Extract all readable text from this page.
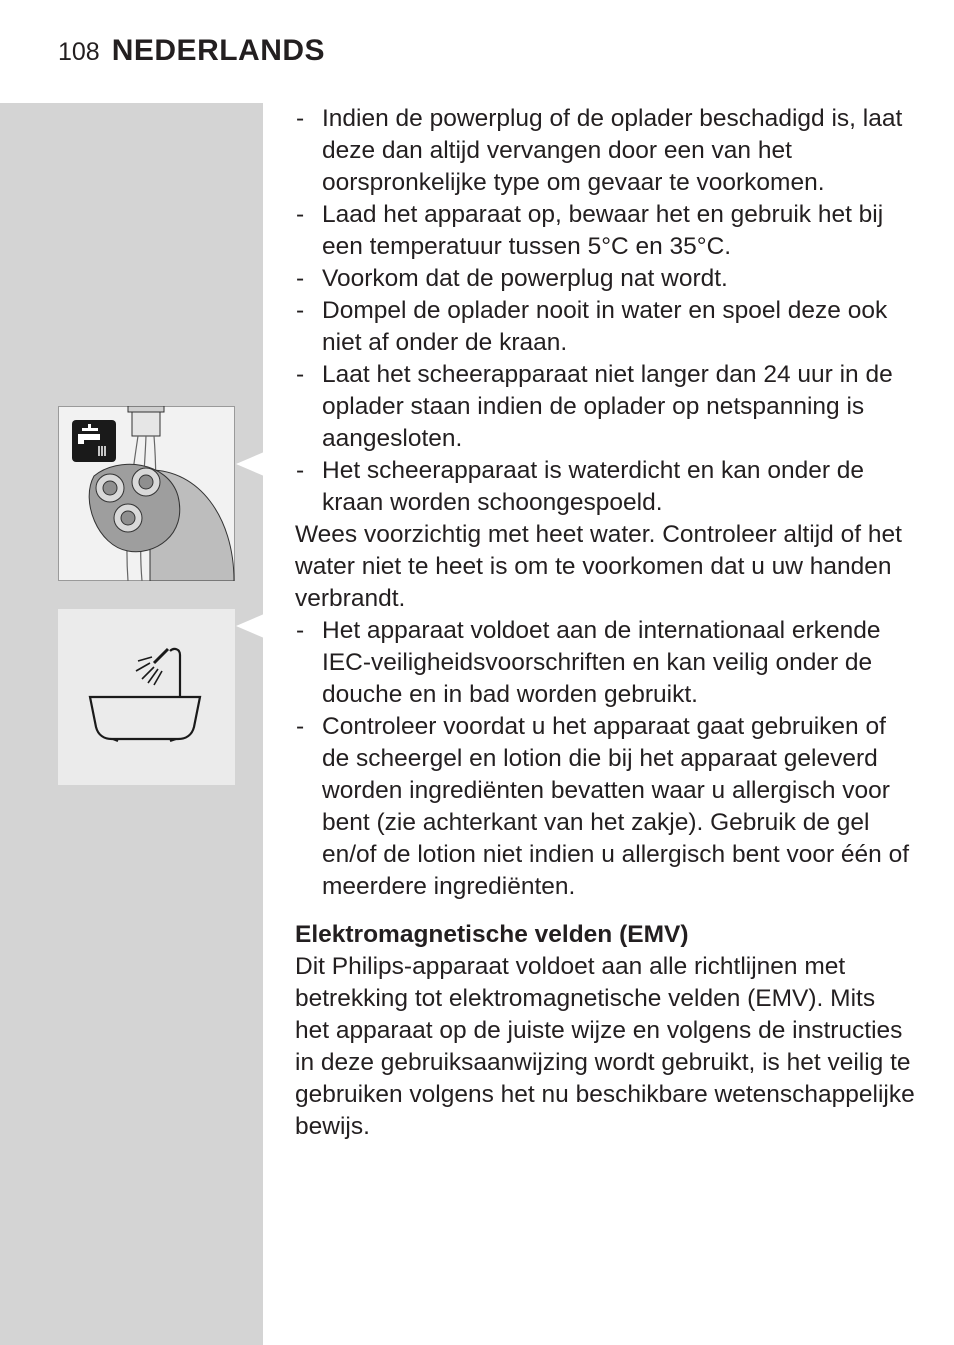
108 NEDERLANDS
- Indien de powerplug of de oplader beschadigd is, laat deze dan altijd vervangen door een van het oorspronkelijke type om gevaar te voorkomen.
- Laad het apparaat op, bewaar het en gebruik het bij een temperatuur tussen 5°C en 35°C.
- Voorkom dat de powerplug nat wordt.
- Dompel de oplader nooit in water en spoel deze ook niet af onder de kraan.
- Laat het scheerapparaat niet langer dan 24 uur in de oplader staan indien de oplader op netspanning is aangesloten.
- Het scheerapparaat is waterdicht en kan onder de kraan worden schoongespoeld.

Wees voorzichtig met heet water. Controleer altijd of het water niet te heet is om te voorkomen dat u uw handen verbrandt.

- Het apparaat voldoet aan de internationaal erkende IEC-veiligheidsvoorschriften en kan veilig onder de douche en in bad worden gebruikt.
- Controleer voordat u het apparaat gaat gebruiken of de scheergel en lotion die bij het apparaat geleverd worden ingrediënten bevatten waar u allergisch voor bent (zie achterkant van het zakje). Gebruik de gel en/of de lotion niet indien u allergisch bent voor één of meerdere ingrediënten.

Elektromagnetische velden (EMV)

Dit Philips-apparaat voldoet aan alle richtlijnen met betrekking tot elektromagnetische velden (EMV). Mits het apparaat op de juiste wijze en volgens de instructies in deze gebruiksaanwijzing wordt gebruikt, is het veilig te gebruiken volgens het nu beschikbare wetenschappelijke bewijs.
